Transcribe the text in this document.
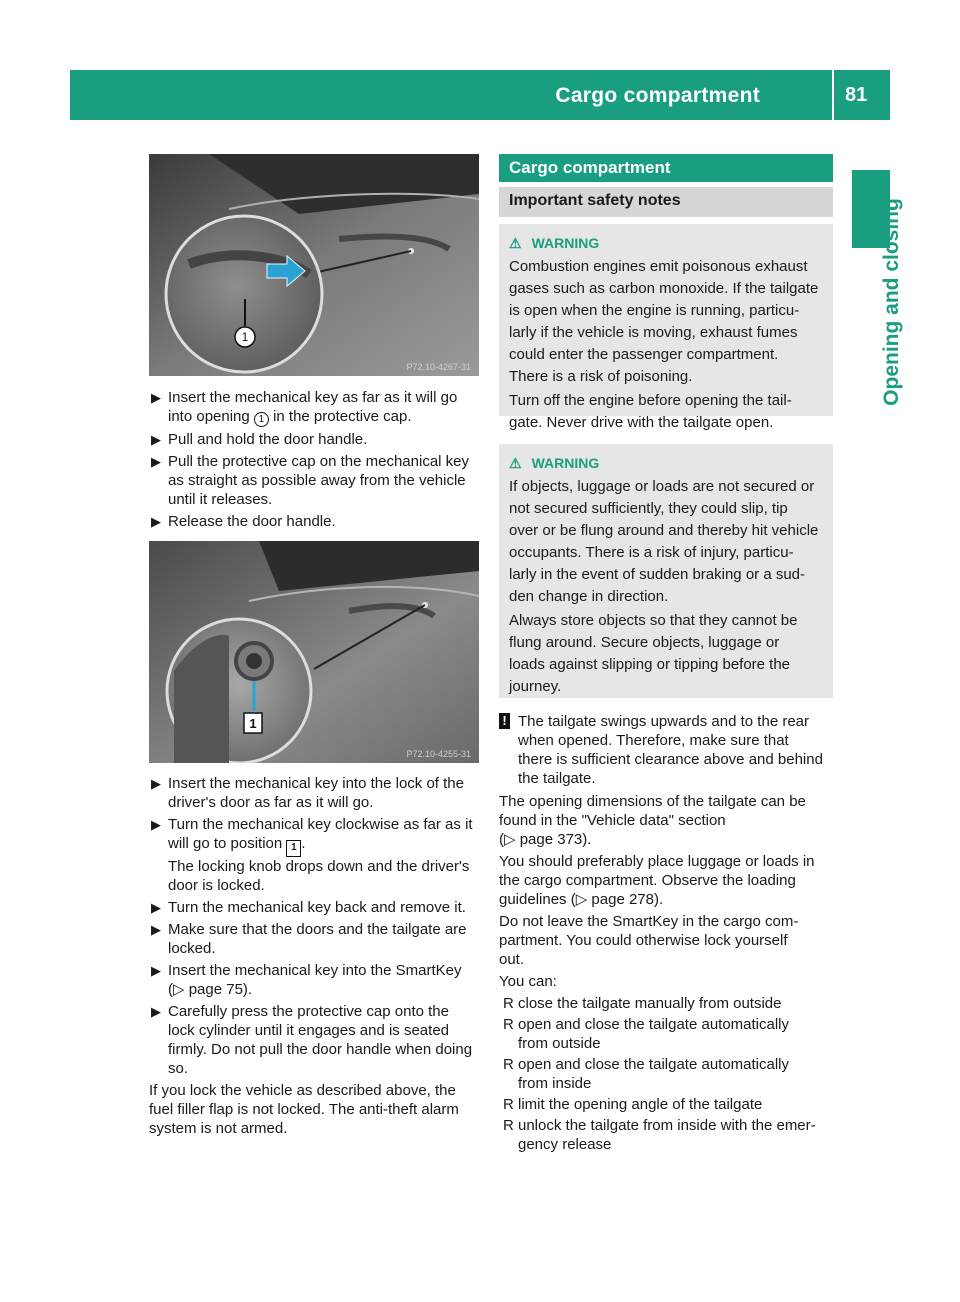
Cargo compartment	81
Opening and closing
1
P72.10-4267-31
▶ Insert the mechanical key as far as it will go
into opening 1 in the protective cap.

▶ Pull and hold the door handle.

▶ Pull the protective cap on the mechanical key
as straight as possible away from the vehicle
until it releases.

▶ Release the door handle.

1
P72.10-4255-31
▶ Insert the mechanical key into the lock of the
driver's door as far as it will go.

▶ Turn the mechanical key clockwise as far as it
will go to position 1 .
The locking knob drops down and the driver's
door is locked.

▶ Turn the mechanical key back and remove it.

▶ Make sure that the doors and the tailgate are
locked.

▶ Insert the mechanical key into the SmartKey
(▷ page 75).

▶ Carefully press the protective cap onto the
lock cylinder until it engages and is seated
firmly. Do not pull the door handle when doing
so.

If you lock the vehicle as described above, the
fuel filler flap is not locked. The anti-theft alarm
system is not armed.

Cargo compartment
Important safety notes
⚠ WARNING

Combustion engines emit poisonous exhaust
gases such as carbon monoxide. If the tailgate
is open when the engine is running, particu-
larly if the vehicle is moving, exhaust fumes
could enter the passenger compartment.
There is a risk of poisoning.

Turn off the engine before opening the tail-
gate. Never drive with the tailgate open.

⚠ WARNING

If objects, luggage or loads are not secured or
not secured sufficiently, they could slip, tip
over or be flung around and thereby hit vehicle
occupants. There is a risk of injury, particu-
larly in the event of sudden braking or a sud-
den change in direction.

Always store objects so that they cannot be
flung around. Secure objects, luggage or
loads against slipping or tipping before the
journey.

! The tailgate swings upwards and to the rear
when opened. Therefore, make sure that
there is sufficient clearance above and behind
the tailgate.

The opening dimensions of the tailgate can be
found in the "Vehicle data" section
(▷ page 373).

You should preferably place luggage or loads in
the cargo compartment. Observe the loading
guidelines (▷ page 278).

Do not leave the SmartKey in the cargo com-
partment. You could otherwise lock yourself
out.

You can:

R close the tailgate manually from outside
R open and close the tailgate automatically
from outside
R open and close the tailgate automatically
from inside
R limit the opening angle of the tailgate
R unlock the tailgate from inside with the emer-
gency release
